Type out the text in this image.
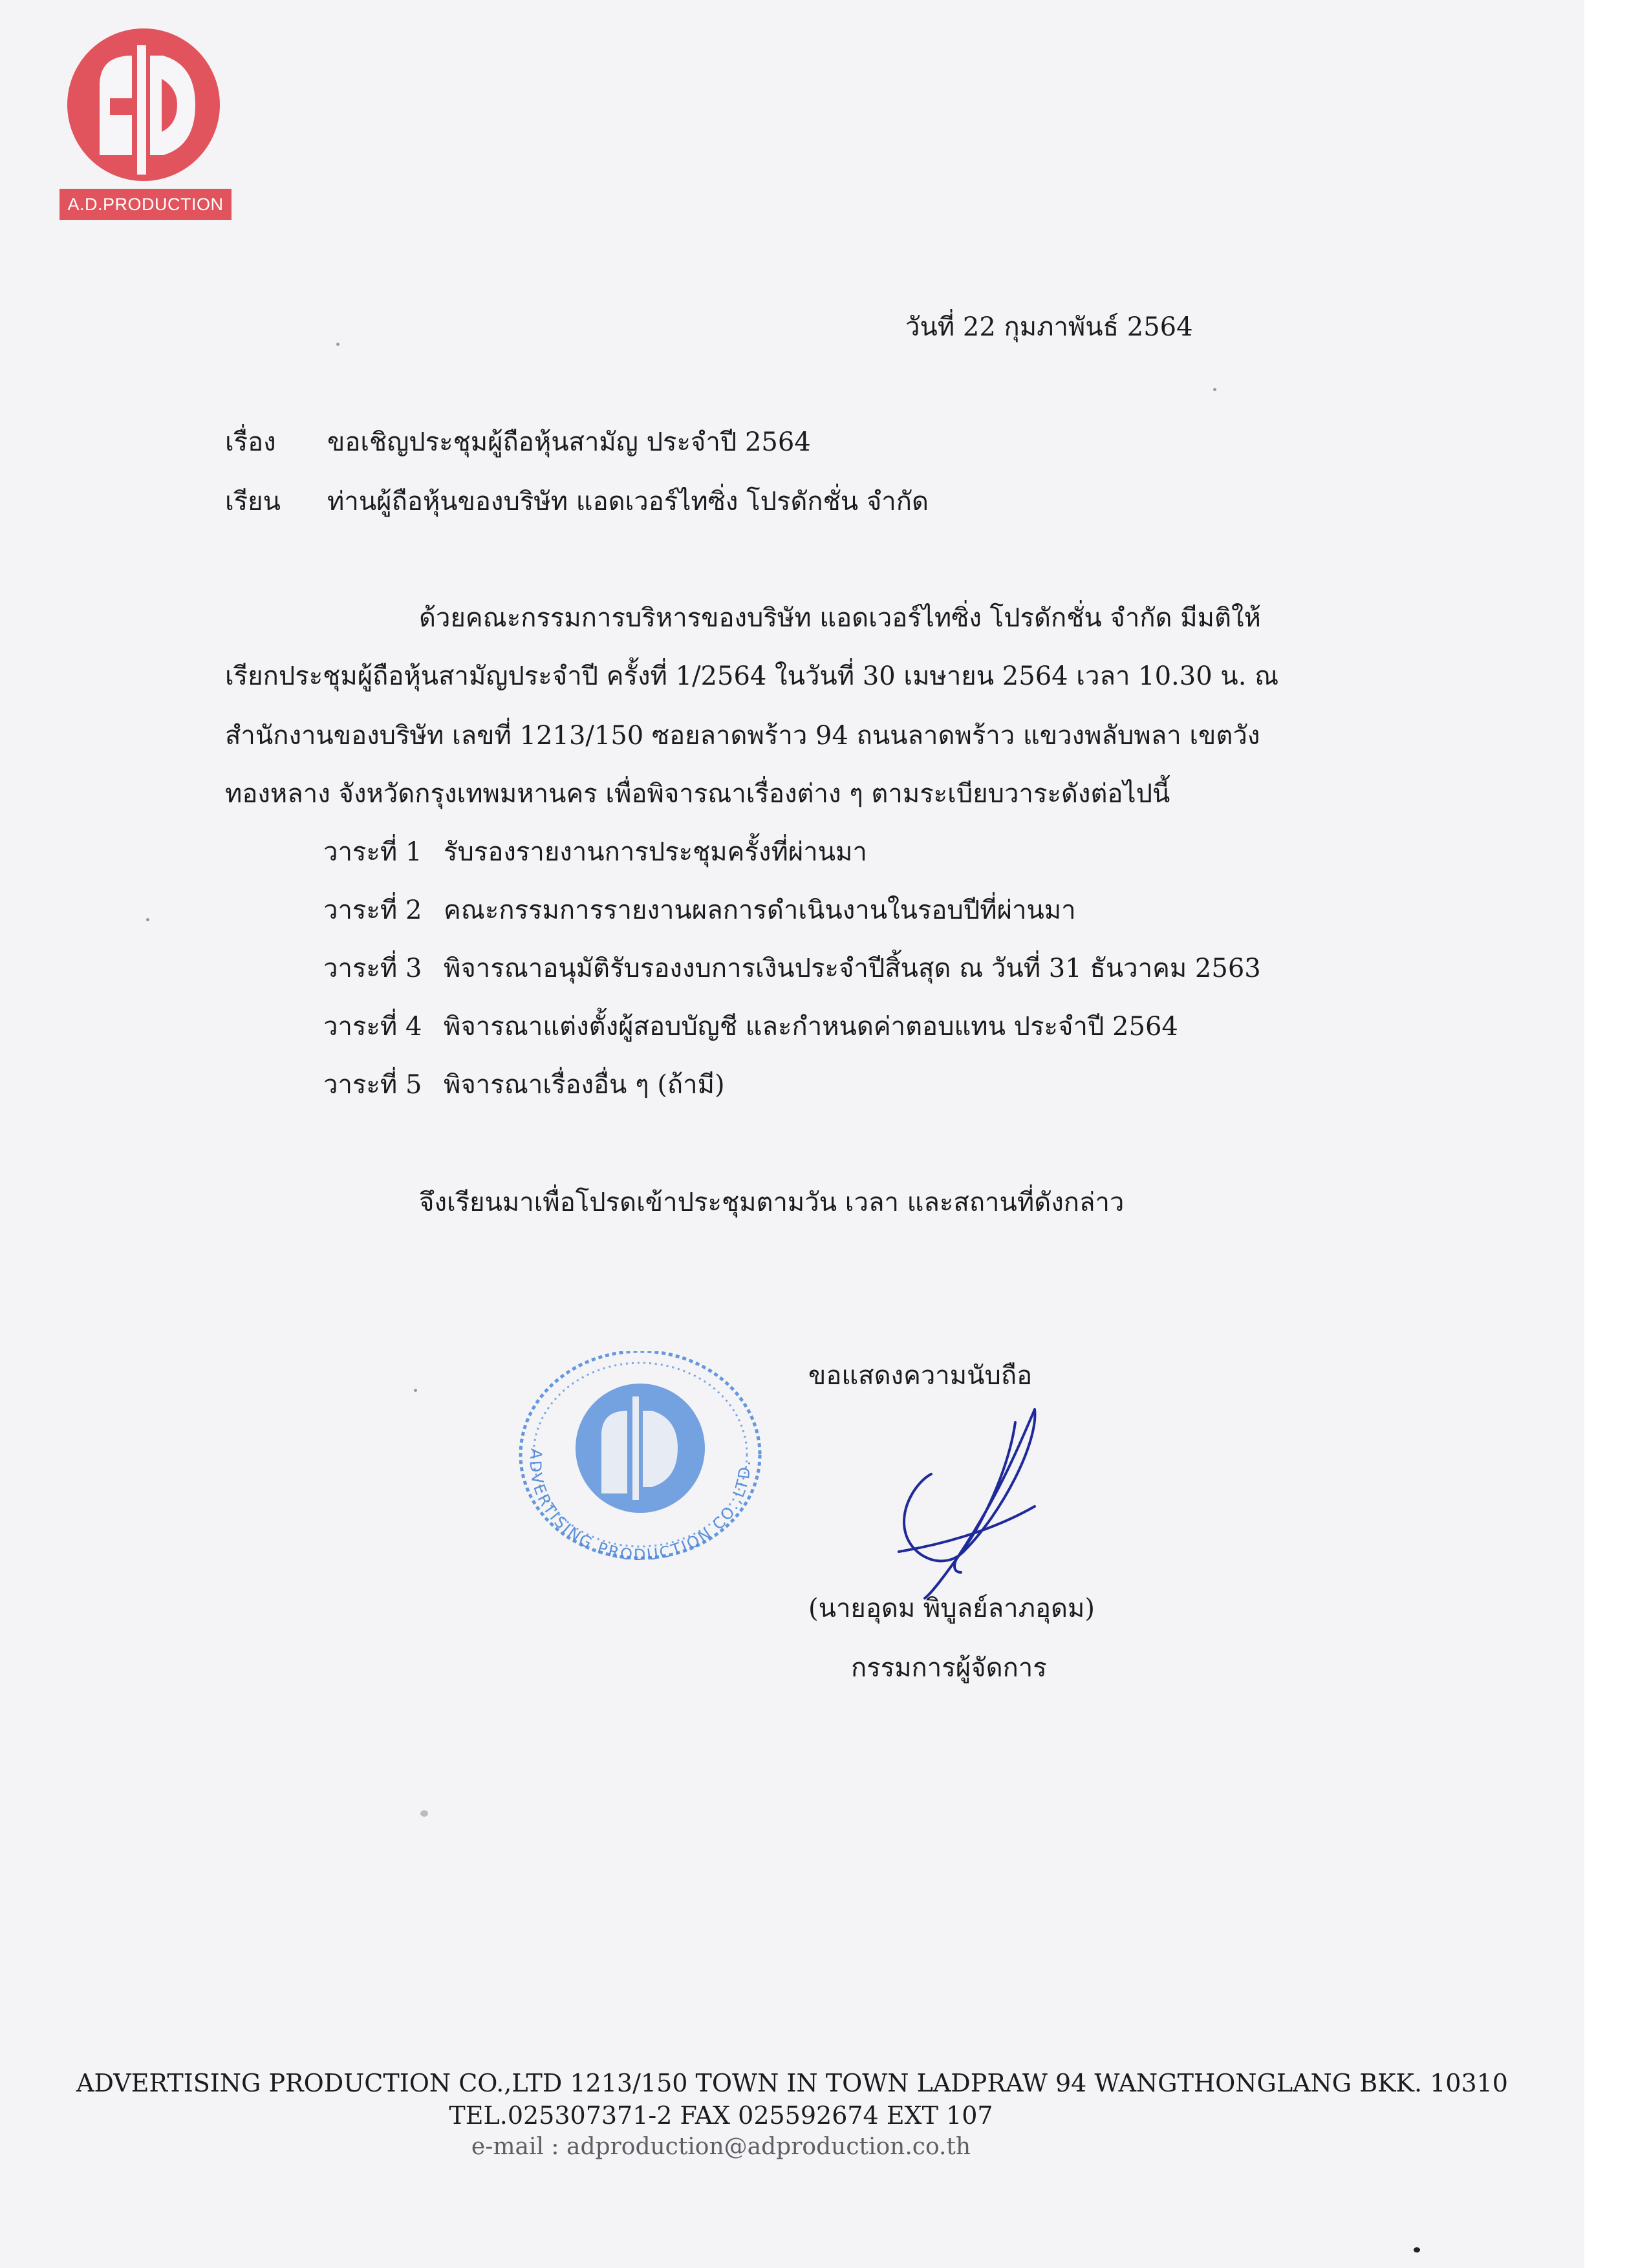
A.D.PRODUCTION
วันที่ 22 กุมภาพันธ์ 2564
เรื่อง ขอเชิญประชุมผู้ถือหุ้นสามัญ ประจำปี 2564
เรียน ท่านผู้ถือหุ้นของบริษัท แอดเวอร์ไทซิ่ง โปรดักชั่น จำกัด
ด้วยคณะกรรมการบริหารของบริษัท แอดเวอร์ไทซิ่ง โปรดักชั่น จำกัด มีมติให้
เรียกประชุมผู้ถือหุ้นสามัญประจำปี ครั้งที่ 1/2564 ในวันที่ 30 เมษายน 2564 เวลา 10.30 น. ณ
สำนักงานของบริษัท เลขที่ 1213/150 ซอยลาดพร้าว 94 ถนนลาดพร้าว แขวงพลับพลา เขตวัง
ทองหลาง จังหวัดกรุงเทพมหานคร เพื่อพิจารณาเรื่องต่าง ๆ ตามระเบียบวาระดังต่อไปนี้
วาระที่ 1 รับรองรายงานการประชุมครั้งที่ผ่านมา
วาระที่ 2 คณะกรรมการรายงานผลการดำเนินงานในรอบปีที่ผ่านมา
วาระที่ 3 พิจารณาอนุมัติรับรองงบการเงินประจำปีสิ้นสุด ณ วันที่ 31 ธันวาคม 2563
วาระที่ 4 พิจารณาแต่งตั้งผู้สอบบัญชี และกำหนดค่าตอบแทน ประจำปี 2564
วาระที่ 5 พิจารณาเรื่องอื่น ๆ (ถ้ามี)
จึงเรียนมาเพื่อโปรดเข้าประชุมตามวัน เวลา และสถานที่ดังกล่าว
ขอแสดงความนับถือ
ADVERTISING PRODUCTION CO.,LTD.
(นายอุดม พิบูลย์ลาภอุดม)
กรรมการผู้จัดการ
ADVERTISING PRODUCTION CO.,LTD 1213/150 TOWN IN TOWN LADPRAW 94 WANGTHONGLANG BKK. 10310
TEL.025307371-2 FAX 025592674 EXT 107
e-mail : adproduction@adproduction.co.th
